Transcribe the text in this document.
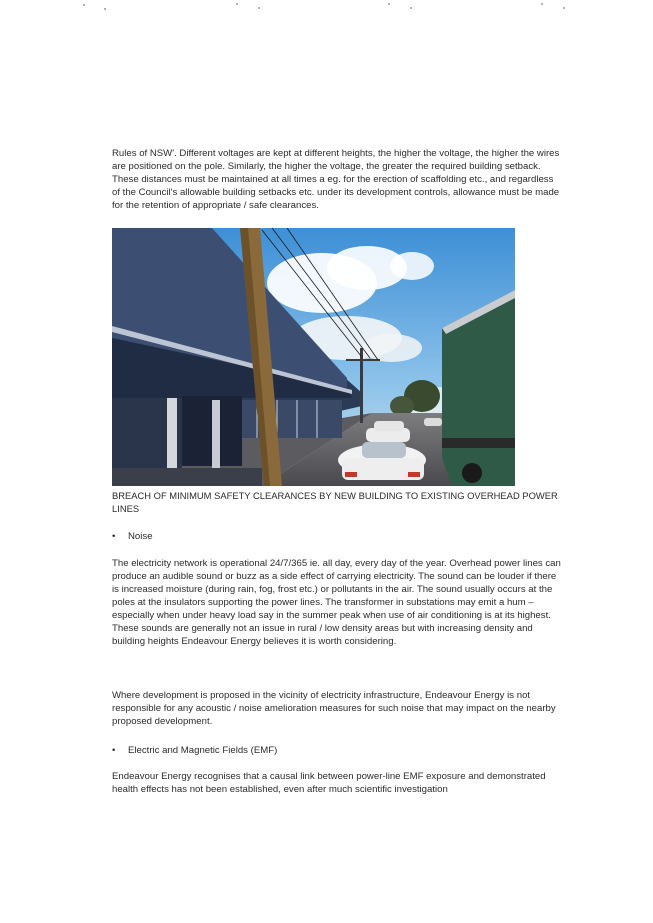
Rules of NSW'. Different voltages are kept at different heights, the higher the voltage, the higher the wires are positioned on the pole. Similarly, the higher the voltage, the greater the required building setback. These distances must be maintained at all times a eg. for the erection of scaffolding etc., and regardless of the Council's allowable building setbacks etc. under its development controls, allowance must be made for the retention of appropriate / safe clearances.

BREACH OF MINIMUM SAFETY CLEARANCES BY NEW BUILDING TO EXISTING OVERHEAD POWER LINES
• Noise

The electricity network is operational 24/7/365 ie. all day, every day of the year. Overhead power lines can produce an audible sound or buzz as a side effect of carrying electricity. The sound can be louder if there is increased moisture (during rain, fog, frost etc.) or pollutants in the air. The sound usually occurs at the poles at the insulators supporting the power lines. The transformer in substations may emit a hum – especially when under heavy load say in the summer peak when use of air conditioning is at its highest. These sounds are generally not an issue in rural / low density areas but with increasing density and building heights Endeavour Energy believes it is worth considering.

Where development is proposed in the vicinity of electricity infrastructure, Endeavour Energy is not responsible for any acoustic / noise amelioration measures for such noise that may impact on the nearby proposed development.

• Electric and Magnetic Fields (EMF)

Endeavour Energy recognises that a causal link between power-line EMF exposure and demonstrated health effects has not been established, even after much scientific investigation
